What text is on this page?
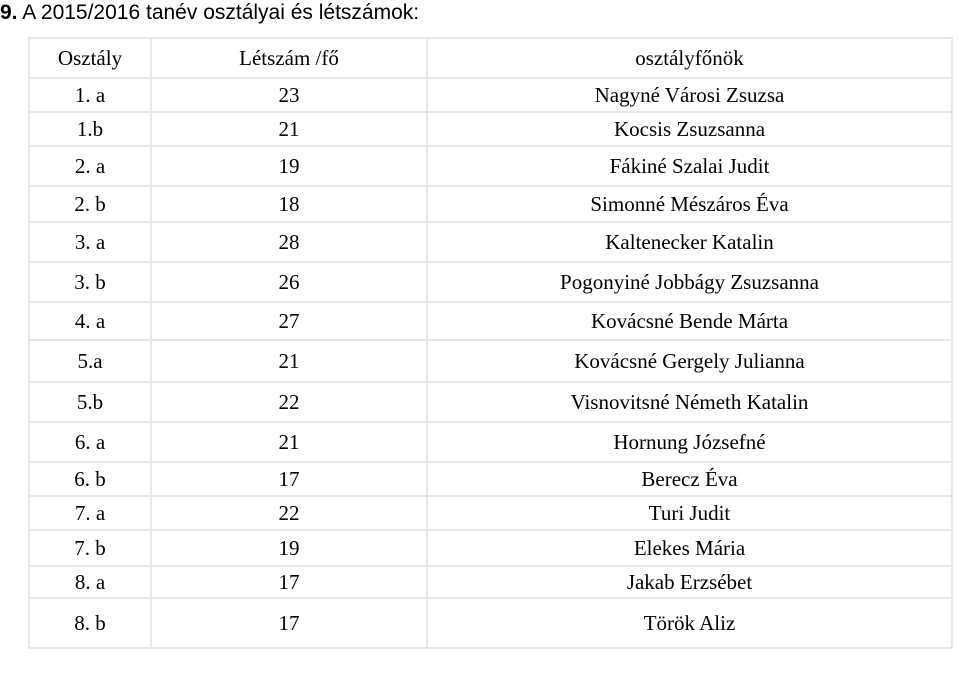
9. A 2015/2016 tanév osztályai és létszámok:
Osztály	Létszám /fő	osztályfőnök
1. a	23	Nagyné Városi Zsuzsa
1.b	21	Kocsis Zsuzsanna
2. a	19	Fákiné Szalai Judit
2. b	18	Simonné Mészáros Éva
3. a	28	Kaltenecker Katalin
3. b	26	Pogonyiné Jobbágy Zsuzsanna
4. a	27	Kovácsné Bende Márta
5.a	21	Kovácsné Gergely Julianna
5.b	22	Visnovitsné Németh Katalin
6. a	21	Hornung Józsefné
6. b	17	Berecz Éva
7. a	22	Turi Judit
7. b	19	Elekes Mária
8. a	17	Jakab Erzsébet
8. b	17	Török Aliz
